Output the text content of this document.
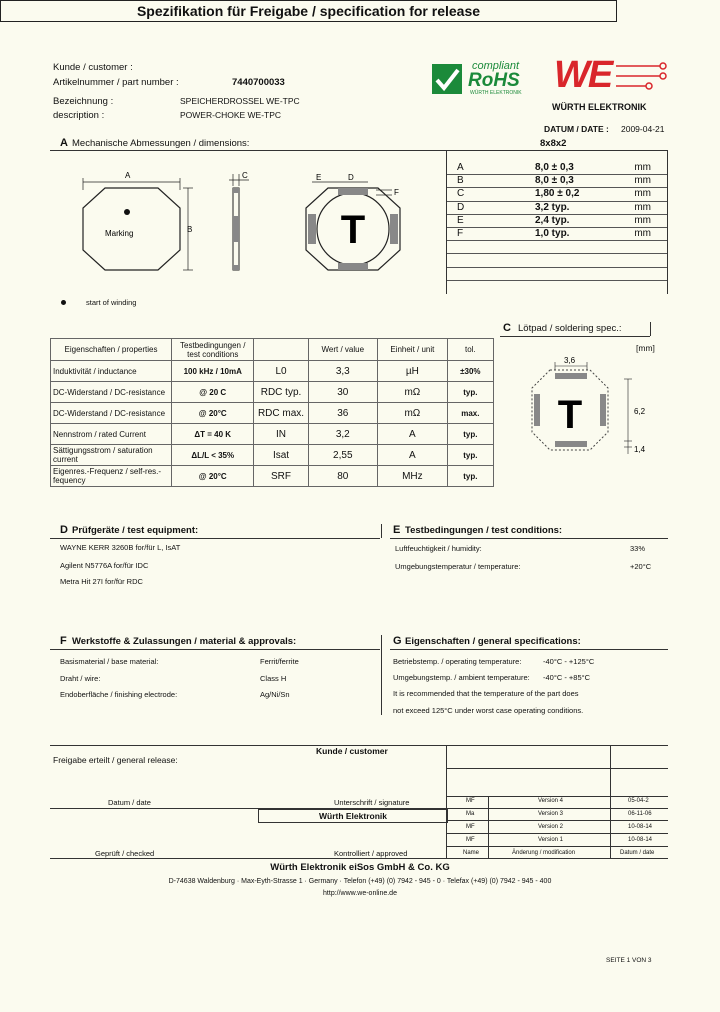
Spezifikation für Freigabe / specification for release
Kunde / customer :
Artikelnummer / part number :	7440700033
Bezeichnung :	SPEICHERDROSSEL WE-TPC
description :	POWER-CHOKE WE-TPC
compliant
RoHS
WÜRTH ELEKTRONIK WE
WÜRTH ELEKTRONIK
DATUM / DATE : 2009-04-21
A Mechanische Abmessungen / dimensions:	8x8x2
A	8,0 ± 0,3	mm
B	8,0 ± 0,3	mm
C	1,80 ± 0,2	mm
D	3,2 typ.	mm
E	2,4 typ.	mm
F	1,0 typ.	mm

A
B
Marking
C
T
E	D
F
start of winding
Eigenschaften / properties	Testbedingungen / test conditions		Wert / value	Einheit / unit	tol.
Induktivität / inductance	100 kHz / 10mA	L0	3,3	µH	±30%
DC-Widerstand / DC-resistance	@ 20 C	RDC typ.	30	mΩ	typ.
DC-Widerstand / DC-resistance	@ 20°C	RDC max.	36	mΩ	max.
Nennstrom / rated Current	ΔT = 40 K	IN	3,2	A	typ.
Sättigungsstrom / saturation current	ΔL/L < 35%	Isat	2,55	A	typ.
Eigenres.-Frequenz / self-res.-fequency	@ 20°C	SRF	80	MHz	typ.
C Lötpad / soldering spec.:
[mm]
T
3,6
6,2
1,4
D Prüfgeräte / test equipment:
WAYNE KERR 3260B for/für L, IsAT
Agilent N5776A for/für IDC
Metra Hit 27I for/für RDC
E Testbedingungen / test conditions:
Luftfeuchtigkeit / humidity:	33%
Umgebungstemperatur / temperature:	+20°C
F Werkstoffe & Zulassungen / material & approvals:
Basismaterial / base material:	Ferrit/ferrite
Draht / wire:	Class H
Endoberfläche / finishing electrode:	Ag/Ni/Sn
G Eigenschaften / general specifications:
Betriebstemp. / operating temperature:	-40°C - +125°C
Umgebungstemp. / ambient temperature: -40°C - +85°C
It is recommended that the temperature of the part does
not exceed 125°C under worst case operating conditions.
Kunde / customer
Freigabe erteilt / general release:
Datum / date	Unterschrift / signature
Würth Elektronik
MF	Version 4	05-04-2
Ma	Version 3	06-11-06
MF	Version 2	10-08-14
MF	Version 1	10-08-14
Geprüft / checked	Kontrolliert / approved	Name	Änderung / modification	Datum / date
Würth Elektronik eiSos GmbH & Co. KG
D-74638 Waldenburg · Max-Eyth-Strasse 1 · Germany · Telefon (+49) (0) 7942 - 945 - 0 · Telefax (+49) (0) 7942 - 945 - 400
http://www.we-online.de
SEITE 1 VON 3
